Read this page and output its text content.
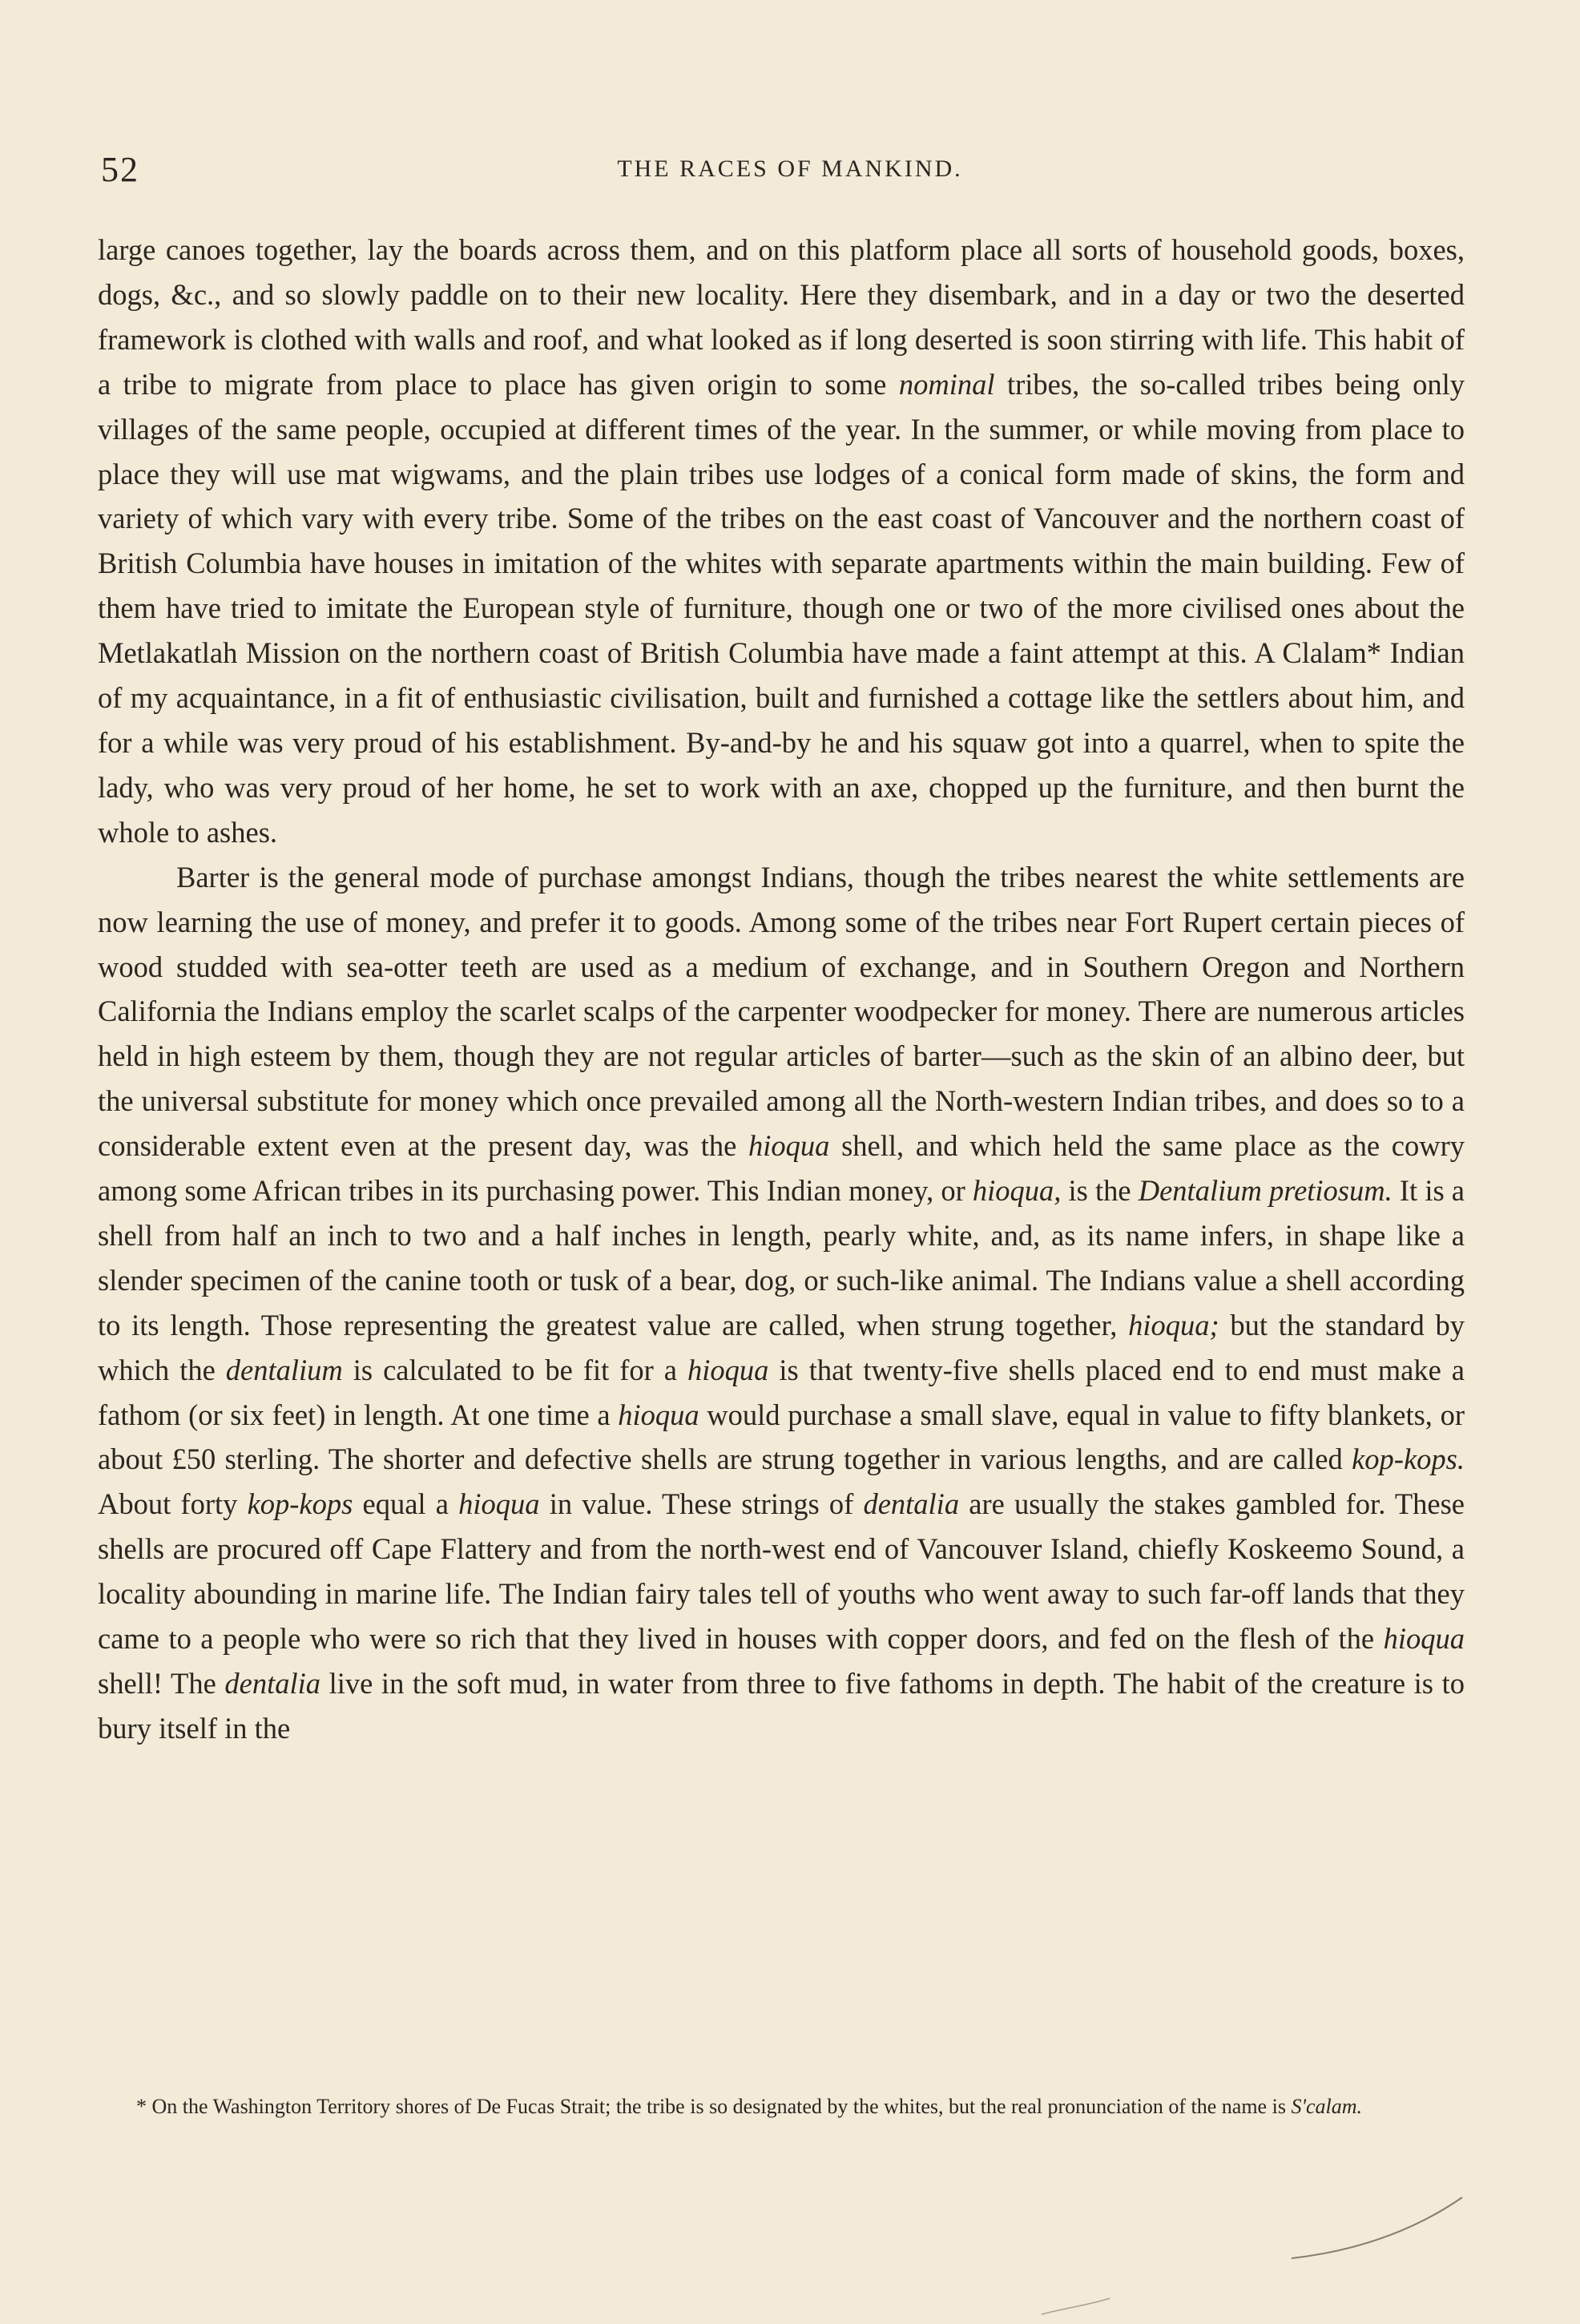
52	THE RACES OF MANKIND.

large canoes together, lay the boards across them, and on this platform place all sorts of household goods, boxes, dogs, &c., and so slowly paddle on to their new locality. Here they disembark, and in a day or two the deserted framework is clothed with walls and roof, and what looked as if long deserted is soon stirring with life. This habit of a tribe to migrate from place to place has given origin to some nominal tribes, the so-called tribes being only villages of the same people, occupied at different times of the year. In the summer, or while moving from place to place they will use mat wigwams, and the plain tribes use lodges of a conical form made of skins, the form and variety of which vary with every tribe. Some of the tribes on the east coast of Vancouver and the northern coast of British Columbia have houses in imitation of the whites with separate apartments within the main building. Few of them have tried to imitate the European style of furniture, though one or two of the more civilised ones about the Metlakatlah Mission on the northern coast of British Columbia have made a faint attempt at this. A Clalam* Indian of my acquaintance, in a fit of enthusiastic civilisation, built and furnished a cottage like the settlers about him, and for a while was very proud of his establishment. By-and-by he and his squaw got into a quarrel, when to spite the lady, who was very proud of her home, he set to work with an axe, chopped up the furniture, and then burnt the whole to ashes.

Barter is the general mode of purchase amongst Indians, though the tribes nearest the white settlements are now learning the use of money, and prefer it to goods. Among some of the tribes near Fort Rupert certain pieces of wood studded with sea-otter teeth are used as a medium of exchange, and in Southern Oregon and Northern California the Indians employ the scarlet scalps of the carpenter woodpecker for money. There are numerous articles held in high esteem by them, though they are not regular articles of barter—such as the skin of an albino deer, but the universal substitute for money which once prevailed among all the North-western Indian tribes, and does so to a considerable extent even at the present day, was the hioqua shell, and which held the same place as the cowry among some African tribes in its purchasing power. This Indian money, or hioqua, is the Dentalium pretiosum. It is a shell from half an inch to two and a half inches in length, pearly white, and, as its name infers, in shape like a slender specimen of the canine tooth or tusk of a bear, dog, or such-like animal. The Indians value a shell according to its length. Those representing the greatest value are called, when strung together, hioqua; but the standard by which the dentalium is calculated to be fit for a hioqua is that twenty-five shells placed end to end must make a fathom (or six feet) in length. At one time a hioqua would purchase a small slave, equal in value to fifty blankets, or about £50 sterling. The shorter and defective shells are strung together in various lengths, and are called kop-kops. About forty kop-kops equal a hioqua in value. These strings of dentalia are usually the stakes gambled for. These shells are procured off Cape Flattery and from the north-west end of Vancouver Island, chiefly Koskeemo Sound, a locality abounding in marine life. The Indian fairy tales tell of youths who went away to such far-off lands that they came to a people who were so rich that they lived in houses with copper doors, and fed on the flesh of the hioqua shell! The dentalia live in the soft mud, in water from three to five fathoms in depth. The habit of the creature is to bury itself in the

* On the Washington Territory shores of De Fucas Strait; the tribe is so designated by the whites, but the real pronunciation of the name is S'calam.
